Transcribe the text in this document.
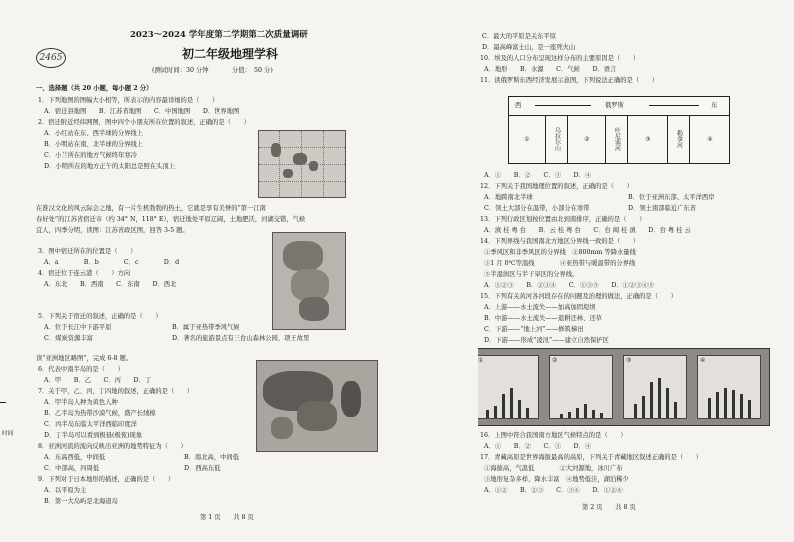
2465
2023～2024 学年度第二学期第二次质量调研
初二年级地理学科
(测试时间：30 分钟	分值：　50 分)
时间
一、选择题（共 20 小题，每小题 2 分）
1．下列地图的图幅大小相等，所表示的内容最详细的是（　　）
A．宿迁县地图　　B．江苏省地图　　C．中国地图　　D．世界地图
2．宿迁附近经纬网图，图中四个小朋友所在位置的叙述，正确的是（　　）
A．小红站在东、西半球的分界线上
B．小明站在南、北半球的分界线上
C．小兰所在的地方气候终年寒冷
D．小明所在的地方正午的太阳总是照在头顶上
在淮汉文化的风云际会之地，有一片生机勃勃的热土，它就是享有美誉的“第一江南
春好处”的江苏省宿迁市（约 34° N，118° E），宿迁地处平原辽阔，土地肥沃，河湖交错，气候
宜人，四季分明，读图：江苏省政区图，回答 3-5 题。
3．图中宿迁所在的位置是（　　）
A．a　　　　B．b　　　　C．c　　　　D．d
4．宿迁位于连云港（　　）方向
A．东北　　B．西南　　C．东南　　D．西北
5．下列关于宿迁的叙述，正确的是（　　）
A．位于长江中下游平原	B．属于亚热带季风气候
C．煤炭资源丰富	D．著名的旅游景点有三台山森林公园、项王故里
读“亚洲地区略图”，完成 6-8 题。
6．代表中南半岛的是（　　）
A．甲　　B．乙　　C．丙　　D．丁
7．关于甲、乙、丙、丁四地的叙述，正确的是（　　）
A．甲半岛人种为黄色人种
B．乙半岛为热带沙漠气候，盛产长绒棉
C．丙半岛东临太平洋西临印度洋
D．丁半岛可以看到极昼(极夜)现象
8．亚洲河流的流向反映出亚洲的地势特征为（　　）
A．东高西低，中间低	B．南北高，中间低
C．中部高，四周低	D．西高东低
9．下列对于日本地形的描述，正确的是（　　）
A．以平原为主
B．第一大岛屿是北海道岛
第 1 页　　共 8 页
C．最大的平原是关东平原
D．最高峰富士山，是一座死火山
10．埃及的人口分布呈现这样分布的主要原因是（　　）
A．地形　　B．水源　　C．气候　　D．语言
11．读俄罗斯东西经济发展示意图，下列说法正确的是（　　）
西	俄罗斯	东
①	乌拉尔山	②	叶尼塞河	③	勒拿河	④
A．①　　B．②　　C．③　　D．④
12．下列关于我国地理位置的叙述，正确的是（　　）
A．地跨南北半球	B．位于亚洲东部、太平洋西岸
C．领土大部分在温带，小部分在寒带	D．领土南部临近广东省
13．下列行政区划按位置由北到南排序，正确的是（　　）
A．滇 桂 粤 台　　B．云 桂 粤 台　　C．台 闽 桂 滇　　D．台 粤 桂 云
14．下列界线与我国南北方地区分界线一致的是（　　）
①季风区和非季风区的分界线　②800mm 等降水量线
③1 月 0℃等温线　　　　④亚热带与暖温带的分界线
⑤半湿润区与半干旱区的分界线。
A．①②③　　B．②③④　　C．①③⑤　　D．①②③④⑤
15．下列有关黄河各河段存在的问题及治理的做法，正确的是（　　）
A．上游——水土流失——加高加固堤坝
B．中游——水土流失——退耕还林、还草
C．下游——“地上河”——修筑梯田
D．下游——形成“凌汛”——建立自然保护区
①	②	③	④
16．上图中符合我国南方地区气候特点的是（　　）
A．①　　B．②　　C．③　　D．④
17．青藏高原是世界海拔最高的高原，下列关于青藏地区叙述正确的是（　　）
①海拔高，气温低　　　　②大河源地，冰川广布
③地形复杂多样，降水丰富　④地势低洼，湖泊稀少
A．①②　　B．②③　　C．③④　　D．①②④
第 2 页　　共 8 页
